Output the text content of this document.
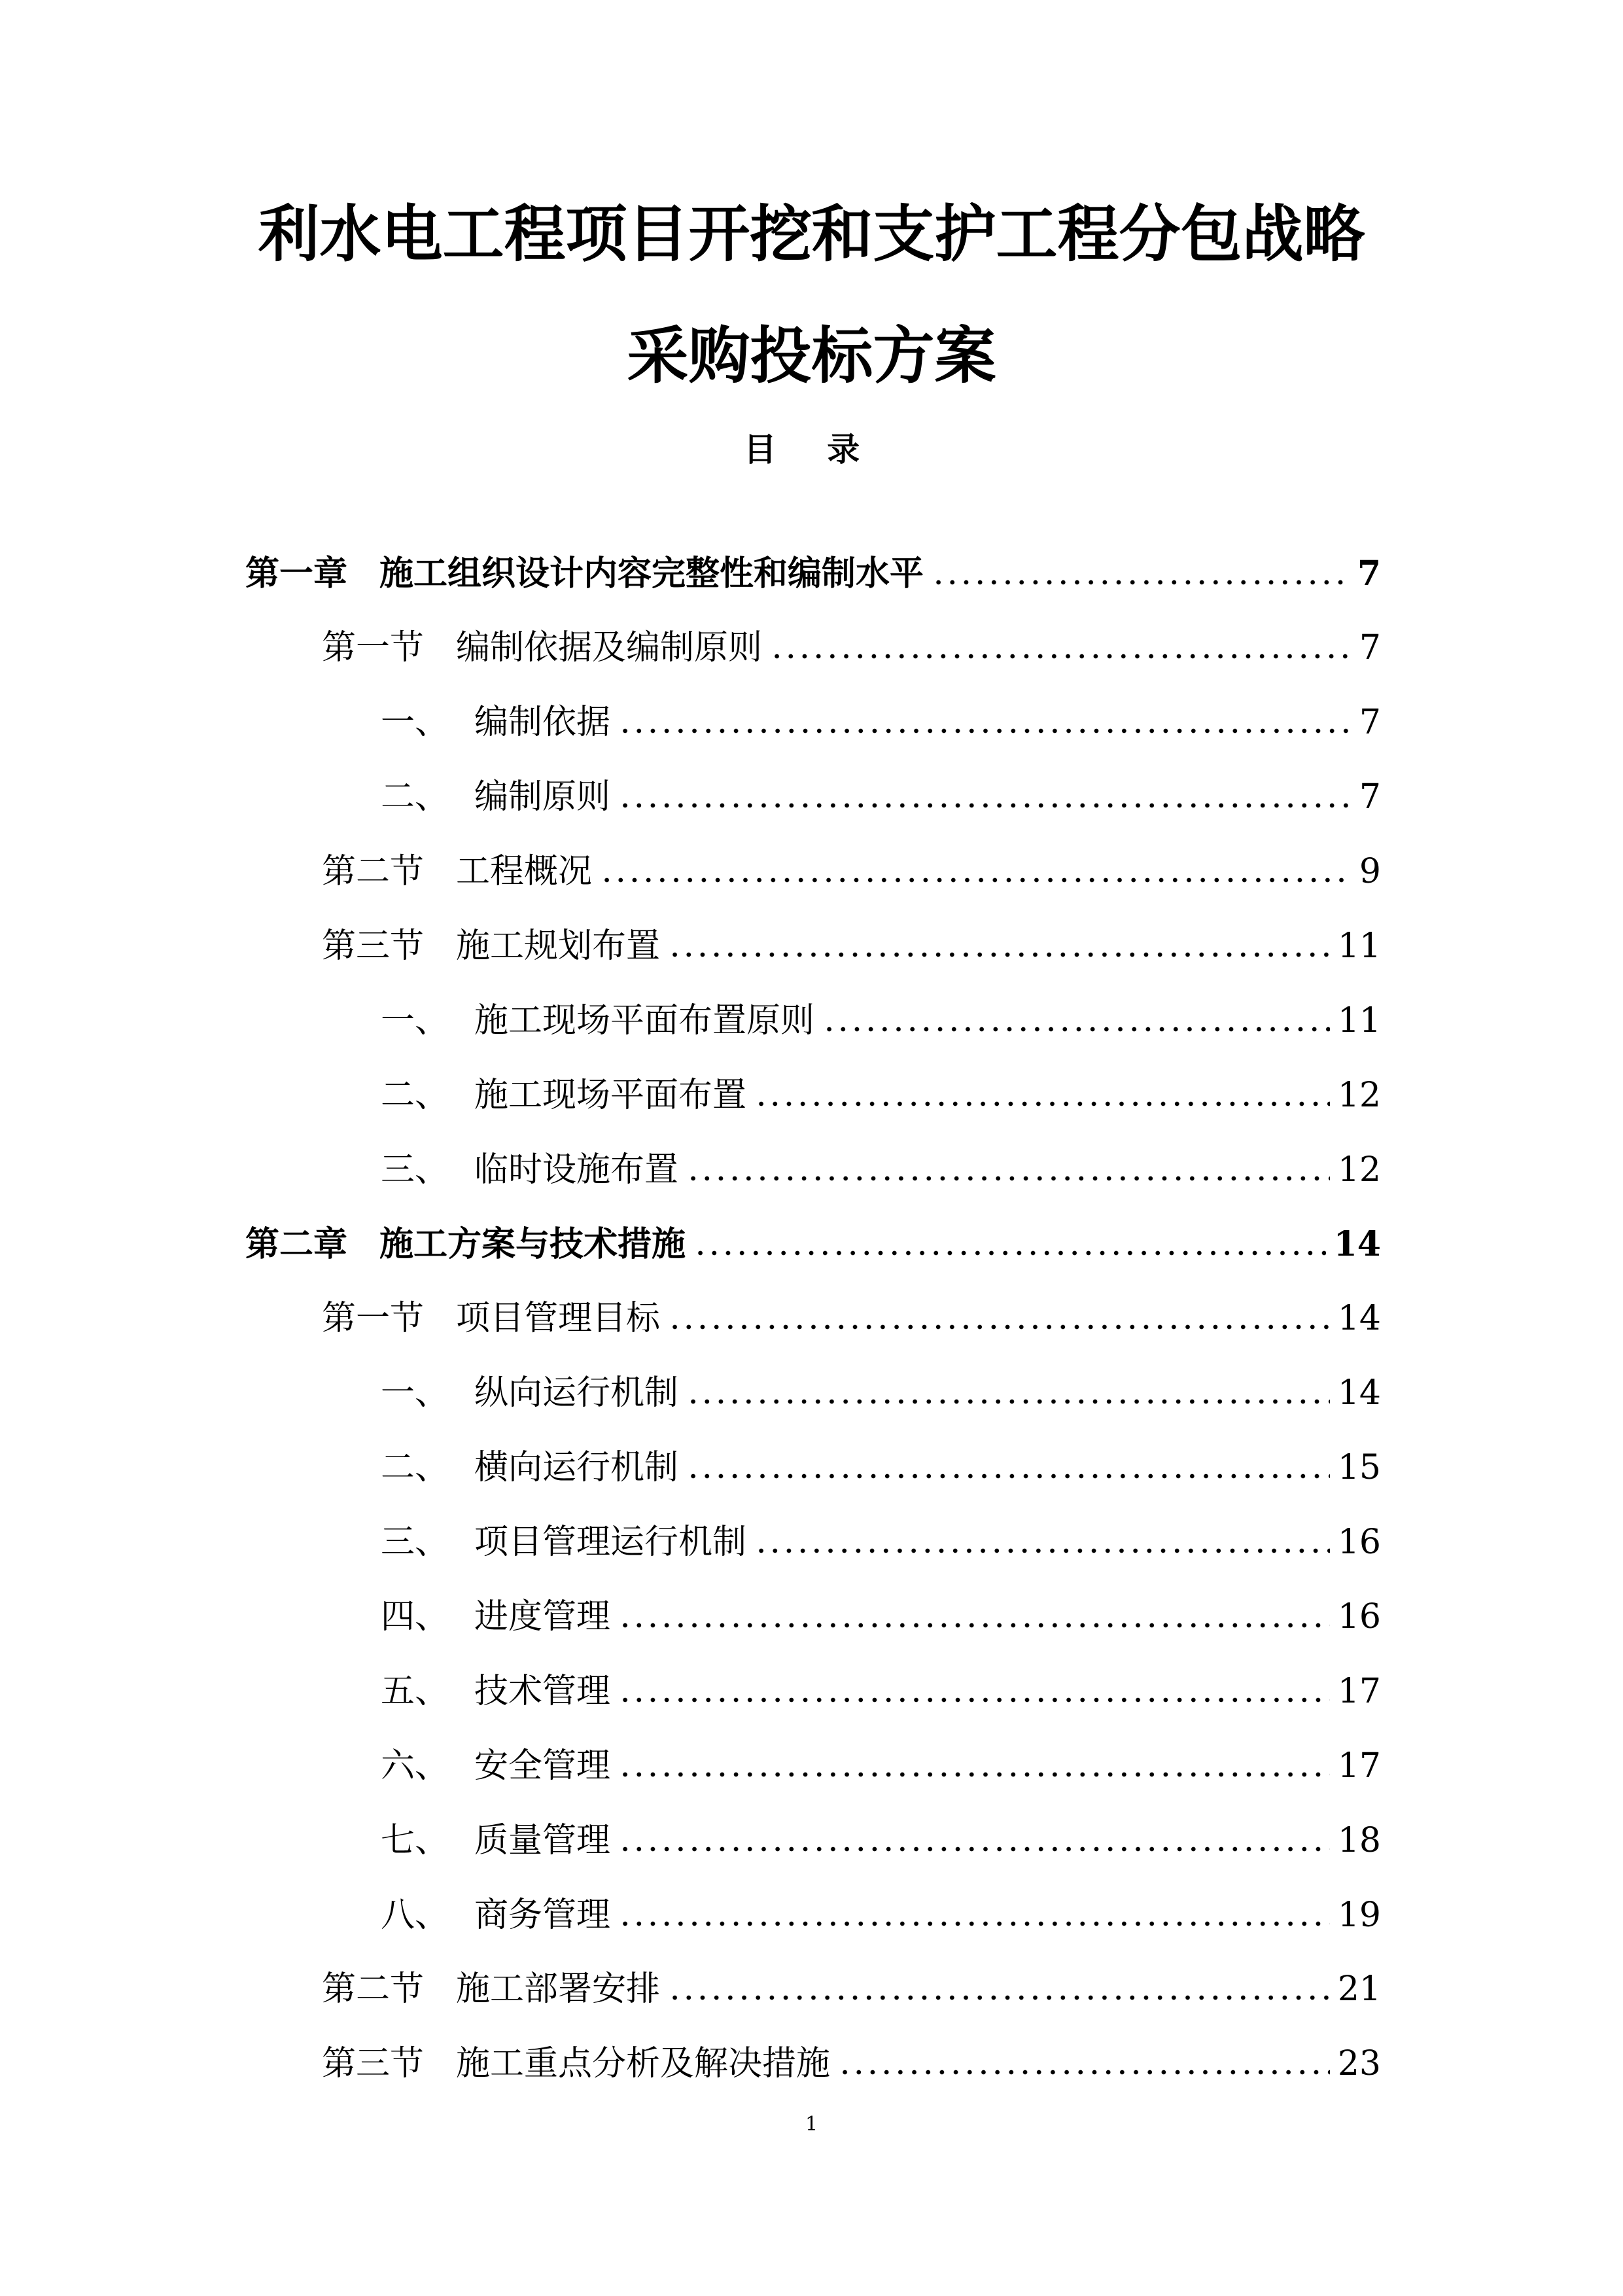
利水电工程项目开挖和支护工程分包战略
采购投标方案
目 录
第一章 施工组织设计内容完整性和编制水平	7
第一节 编制依据及编制原则	7
一、 编制依据	7
二、 编制原则	7
第二节 工程概况	9
第三节 施工规划布置	11
一、 施工现场平面布置原则	11
二、 施工现场平面布置	12
三、 临时设施布置	12
第二章 施工方案与技术措施	14
第一节 项目管理目标	14
一、 纵向运行机制	14
二、 横向运行机制	15
三、 项目管理运行机制	16
四、 进度管理	16
五、 技术管理	17
六、 安全管理	17
七、 质量管理	18
八、 商务管理	19
第二节 施工部署安排	21
第三节 施工重点分析及解决措施	23
1
